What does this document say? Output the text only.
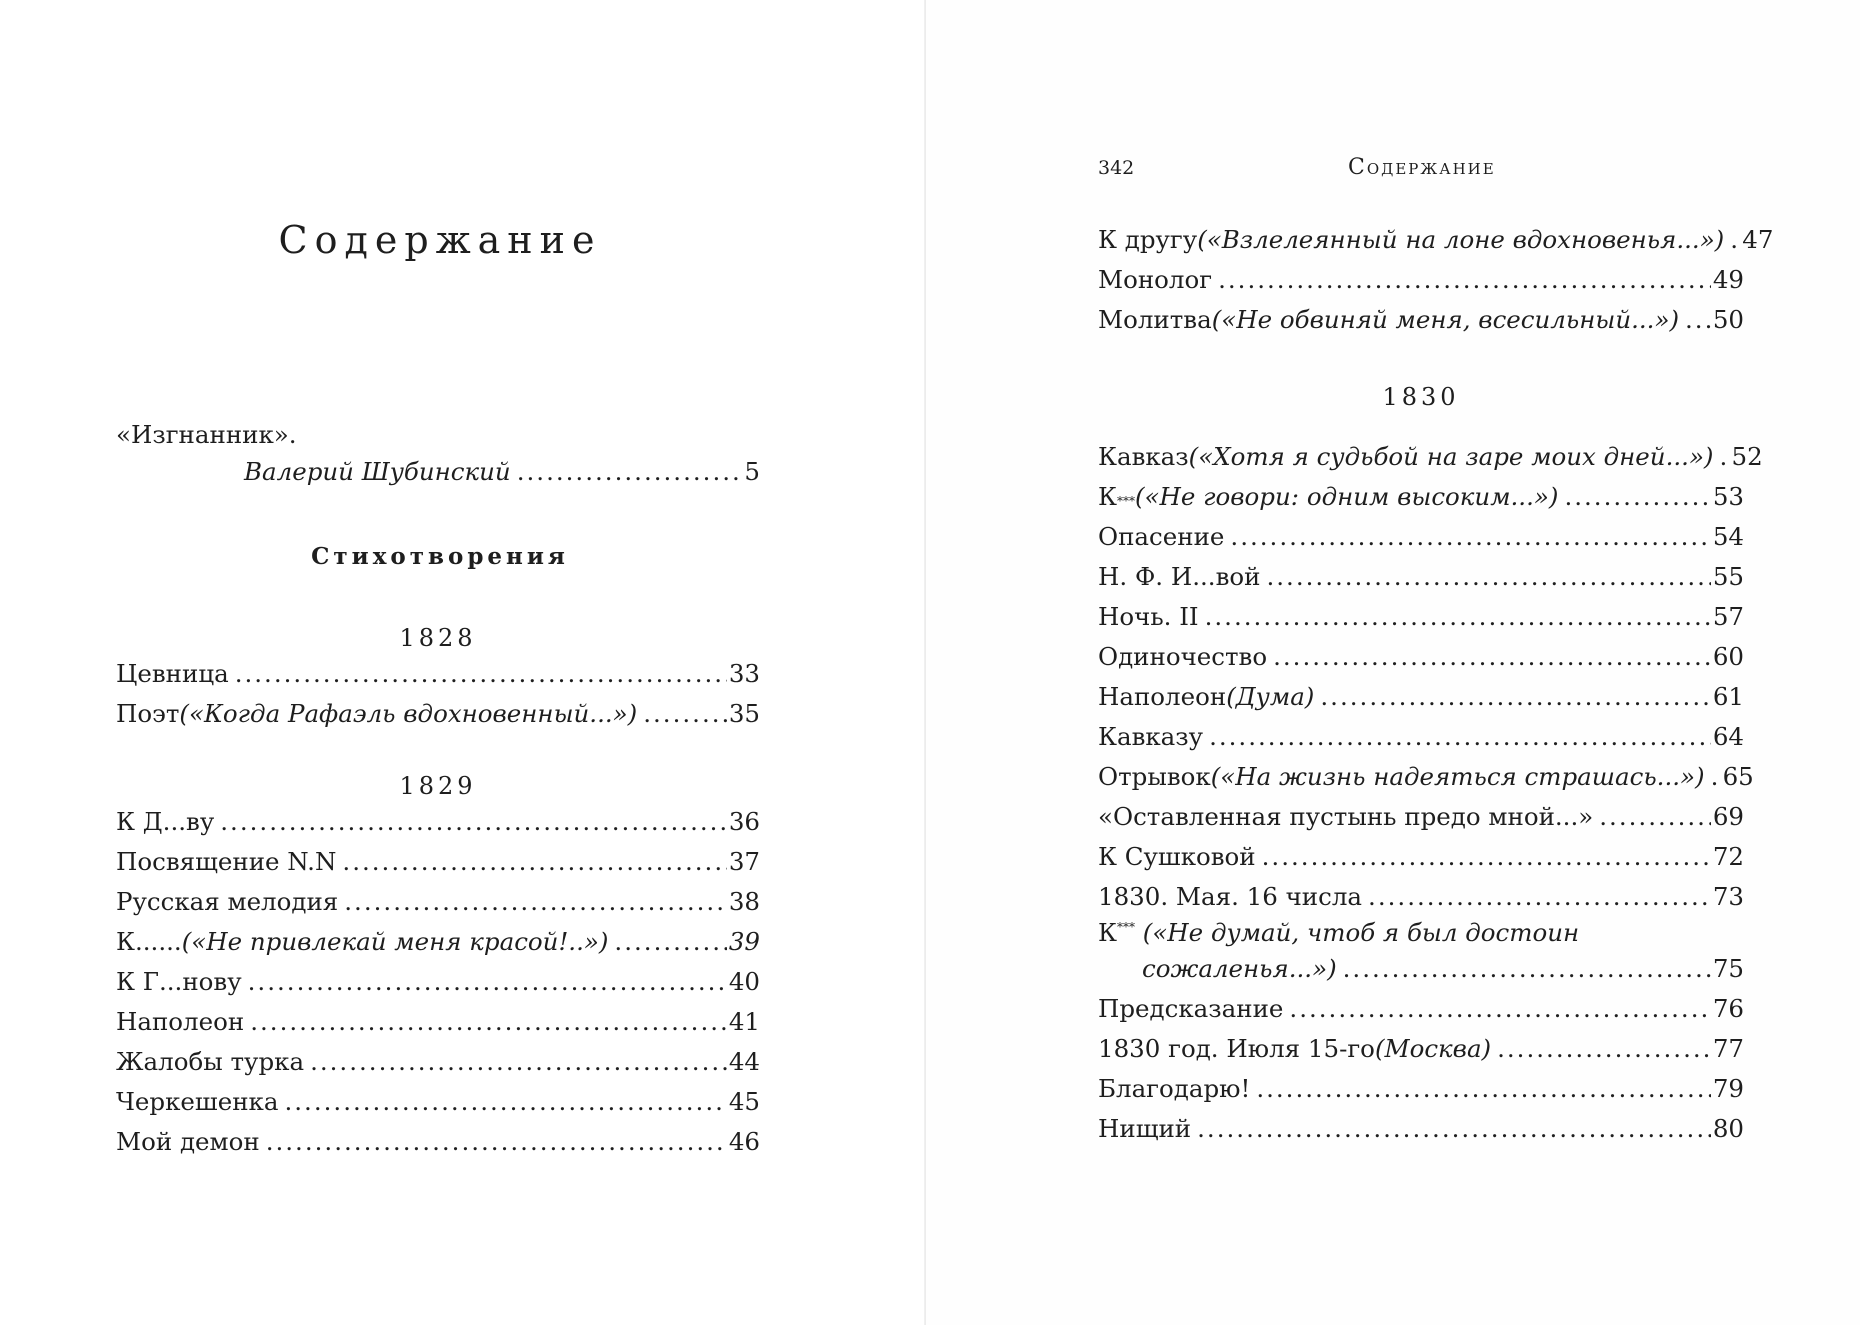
Содержание
«Изгнанник».
Валерий Шубинский .....	5
Стихотворения
1828
Цевница .....	33
Поэт («Когда Рафаэль вдохновенный...») .....	35
1829
К Д...ву .....	36
Посвящение N.N .....	37
Русская мелодия .....	38
К...... («Не привлекай меня красой!..») .....	39
К Г...нову .....	40
Наполеон .....	41
Жалобы турка .....	44
Черкешенка .....	45
Мой демон .....	46
342	Содержание
К другу («Взлелеянный на лоне вдохновенья...») ..... 47
Монолог .....	49
Молитва («Не обвиняй меня, всесильный...») ..... 50
1830
Кавказ («Хотя я судьбой на заре моих дней...») ..... 52
К *** («Не говори: одним высоким...») .....	53
Опасение .....	54
Н. Ф. И...вой .....	55
Ночь. II .....	57
Одиночество .....	60
Наполеон (Дума) .....	61
Кавказу .....	64
Отрывок («На жизнь надеяться страшась...») ..... 65
«Оставленная пустынь предо мной...» .....	69
К Сушковой .....	72
1830. Мая. 16 числа .....	73
К*** («Не думай, чтоб я был достоин
сожаленья...») .....	75
Предсказание .....	76
1830 год. Июля 15-го (Москва) .....	77
Благодарю! .....	79
Нищий .....	80
